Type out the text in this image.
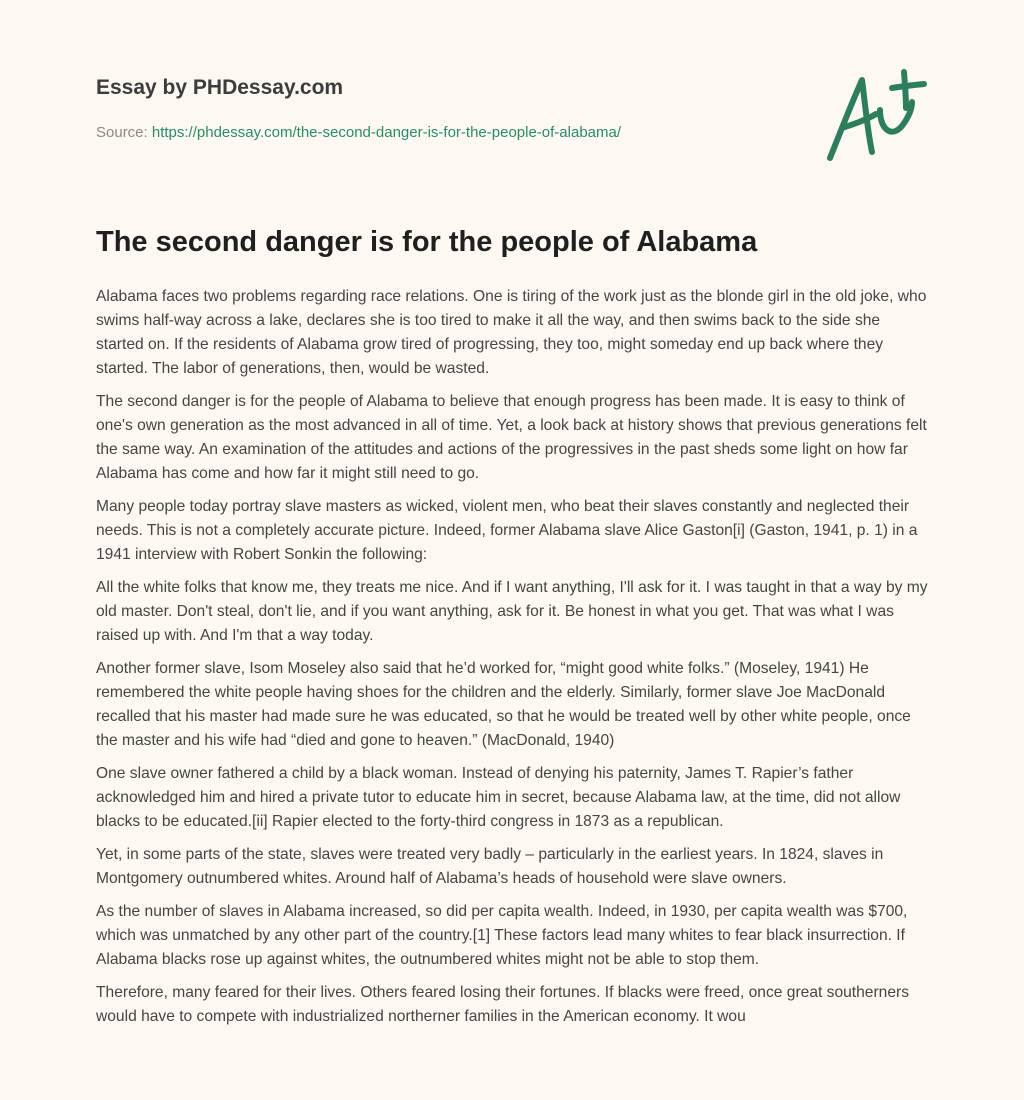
Essay by PHDessay.com
Source: https://phdessay.com/the-second-danger-is-for-the-people-of-alabama/
The second danger is for the people of Alabama

Alabama faces two problems regarding race relations. One is tiring of the work just as the blonde girl in the old joke, who swims half-way across a lake, declares she is too tired to make it all the way, and then swims back to the side she started on. If the residents of Alabama grow tired of progressing, they too, might someday end up back where they started. The labor of generations, then, would be wasted.

The second danger is for the people of Alabama to believe that enough progress has been made. It is easy to think of one's own generation as the most advanced in all of time. Yet, a look back at history shows that previous generations felt the same way. An examination of the attitudes and actions of the progressives in the past sheds some light on how far Alabama has come and how far it might still need to go.

Many people today portray slave masters as wicked, violent men, who beat their slaves constantly and neglected their needs. This is not a completely accurate picture. Indeed, former Alabama slave Alice Gaston[i] (Gaston, 1941, p. 1) in a 1941 interview with Robert Sonkin the following:

All the white folks that know me, they treats me nice. And if I want anything, I'll ask for it. I was taught in that a way by my old master. Don't steal, don't lie, and if you want anything, ask for it. Be honest in what you get. That was what I was raised up with. And I'm that a way today.

Another former slave, Isom Moseley also said that he’d worked for, “might good white folks.” (Moseley, 1941) He remembered the white people having shoes for the children and the elderly. Similarly, former slave Joe MacDonald recalled that his master had made sure he was educated, so that he would be treated well by other white people, once the master and his wife had “died and gone to heaven.” (MacDonald, 1940)

One slave owner fathered a child by a black woman. Instead of denying his paternity, James T. Rapier’s father acknowledged him and hired a private tutor to educate him in secret, because Alabama law, at the time, did not allow blacks to be educated.[ii] Rapier elected to the forty-third congress in 1873 as a republican.

Yet, in some parts of the state, slaves were treated very badly – particularly in the earliest years. In 1824, slaves in Montgomery outnumbered whites. Around half of Alabama’s heads of household were slave owners.

As the number of slaves in Alabama increased, so did per capita wealth. Indeed, in 1930, per capita wealth was $700, which was unmatched by any other part of the country.[1] These factors lead many whites to fear black insurrection. If Alabama blacks rose up against whites, the outnumbered whites might not be able to stop them.

Therefore, many feared for their lives. Others feared losing their fortunes. If blacks were freed, once great southerners would have to compete with industrialized northerner families in the American economy. It wou
